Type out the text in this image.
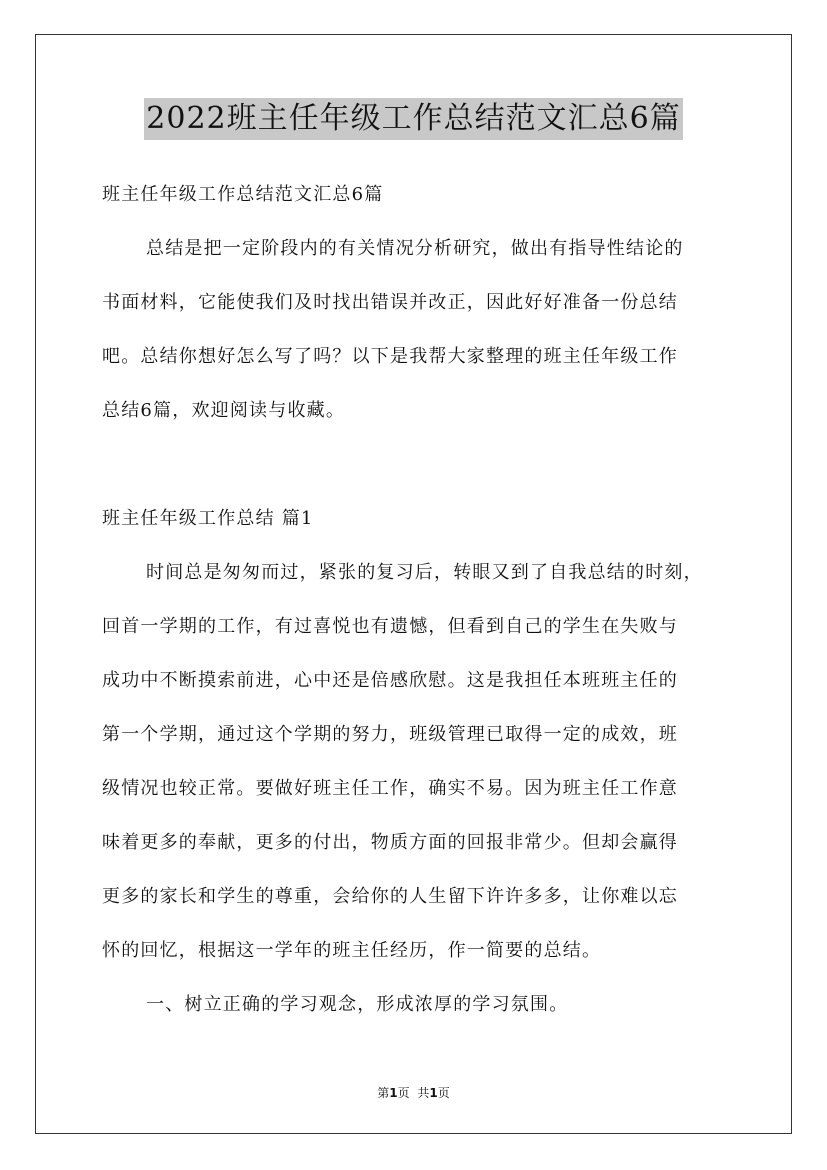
2022班主任年级工作总结范文汇总6篇
班主任年级工作总结范文汇总6篇
总结是把一定阶段内的有关情况分析研究，做出有指导性结论的
书面材料，它能使我们及时找出错误并改正，因此好好准备一份总结
吧。总结你想好怎么写了吗？以下是我帮大家整理的班主任年级工作
总结6篇，欢迎阅读与收藏。
班主任年级工作总结 篇1
时间总是匆匆而过，紧张的复习后，转眼又到了自我总结的时刻，
回首一学期的工作，有过喜悦也有遗憾，但看到自己的学生在失败与
成功中不断摸索前进，心中还是倍感欣慰。这是我担任本班班主任的
第一个学期，通过这个学期的努力，班级管理已取得一定的成效，班
级情况也较正常。要做好班主任工作，确实不易。因为班主任工作意
味着更多的奉献，更多的付出，物质方面的回报非常少。但却会赢得
更多的家长和学生的尊重，会给你的人生留下许许多多，让你难以忘
怀的回忆，根据这一学年的班主任经历，作一简要的总结。
一、树立正确的学习观念，形成浓厚的学习氛围。
第1页 共1页
